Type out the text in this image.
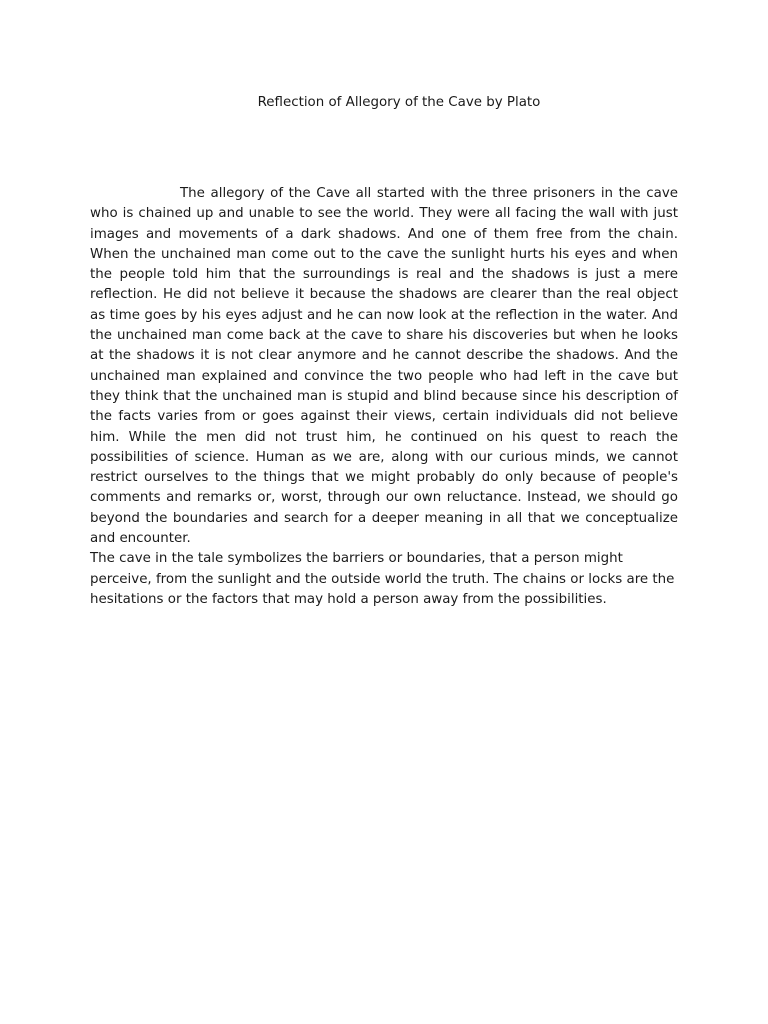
Reflection of Allegory of the Cave by Plato

The allegory of the Cave all started with the three prisoners in the cave who is chained up and unable to see the world. They were all facing the wall with just images and movements of a dark shadows. And one of them free from the chain. When the unchained man come out to the cave the sunlight hurts his eyes and when the people told him that the surroundings is real and the shadows is just a mere reflection. He did not believe it because the shadows are clearer than the real object as time goes by his eyes adjust and he can now look at the reflection in the water. And the unchained man come back at the cave to share his discoveries but when he looks at the shadows it is not clear anymore and he cannot describe the shadows. And the unchained man explained and convince the two people who had left in the cave but they think that the unchained man is stupid and blind because since his description of the facts varies from or goes against their views, certain individuals did not believe him. While the men did not trust him, he continued on his quest to reach the possibilities of science. Human as we are, along with our curious minds, we cannot restrict ourselves to the things that we might probably do only because of people's comments and remarks or, worst, through our own reluctance. Instead, we should go beyond the boundaries and search for a deeper meaning in all that we conceptualize and encounter.

The cave in the tale symbolizes the barriers or boundaries, that a person might perceive, from the sunlight and the outside world the truth. The chains or locks are the hesitations or the factors that may hold a person away from the possibilities.
